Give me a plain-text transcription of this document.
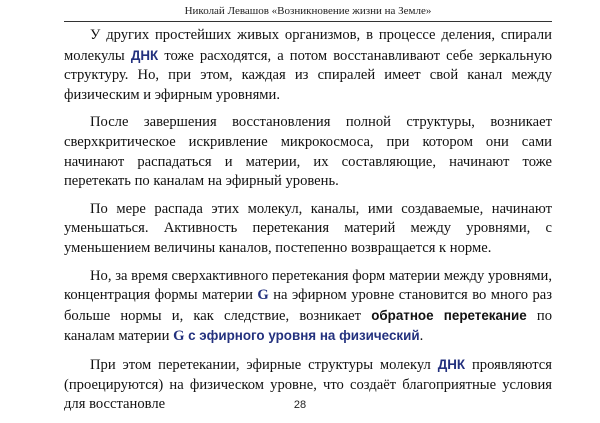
Николай Левашов «Возникновение жизни на Земле»

У других простейших живых организмов, в процессе деления, спирали молекулы ДНК тоже расходятся, а потом восстанавливают себе зеркальную структуру. Но, при этом, каждая из спиралей имеет свой канал между физическим и эфирным уровнями.

После завершения восстановления полной структуры, возникает сверхкритическое искривление микрокосмоса, при котором они сами начинают распадаться и материи, их составляющие, начинают тоже перетекать по каналам на эфирный уровень.

По мере распада этих молекул, каналы, ими создаваемые, начинают уменьшаться. Активность перетекания материй между уровнями, с уменьшением величины каналов, постепенно возвращается к норме.

Но, за время сверхактивного перетекания форм материи между уровнями, концентрация формы материи G на эфирном уровне становится во много раз больше нормы и, как следствие, возникает обратное перетекание по каналам материи G с эфирного уровня на физический.

При этом перетекании, эфирные структуры молекул ДНК проявляются (проецируются) на физическом уровне, что создаёт благоприятные условия для восстановле	28
